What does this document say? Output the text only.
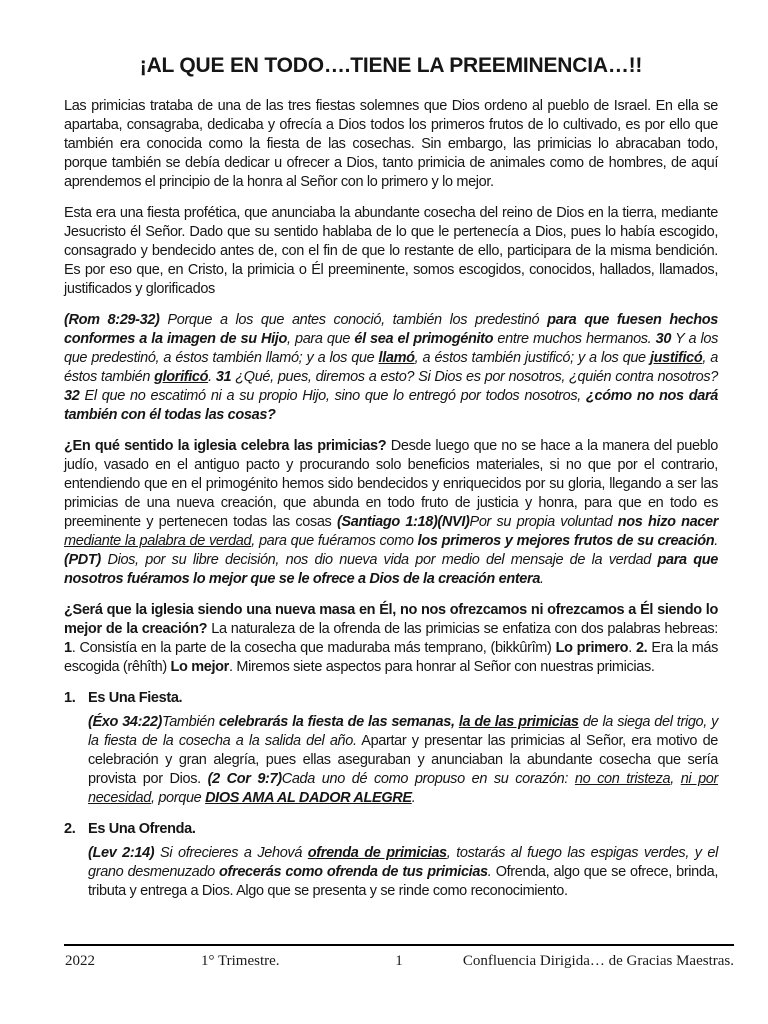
¡AL QUE EN TODO….TIENE LA PREEMINENCIA…!!

Las primicias trataba de una de las tres fiestas solemnes que Dios ordeno al pueblo de Israel. En ella se apartaba, consagraba, dedicaba y ofrecía a Dios todos los primeros frutos de lo cultivado, es por ello que también era conocida como la fiesta de las cosechas. Sin embargo, las primicias lo abracaban todo, porque también se debía dedicar u ofrecer a Dios, tanto primicia de animales como de hombres, de aquí aprendemos el principio de la honra al Señor con lo primero y lo mejor.

Esta era una fiesta profética, que anunciaba la abundante cosecha del reino de Dios en la tierra, mediante Jesucristo él Señor. Dado que su sentido hablaba de lo que le pertenecía a Dios, pues lo había escogido, consagrado y bendecido antes de, con el fin de que lo restante de ello, participara de la misma bendición. Es por eso que, en Cristo, la primicia o Él preeminente, somos escogidos, conocidos, hallados, llamados, justificados y glorificados

(Rom 8:29-32) Porque a los que antes conoció, también los predestinó para que fuesen hechos conformes a la imagen de su Hijo, para que él sea el primogénito entre muchos hermanos. 30 Y a los que predestinó, a éstos también llamó; y a los que llamó, a éstos también justificó; y a los que justificó, a éstos también glorificó. 31 ¿Qué, pues, diremos a esto? Si Dios es por nosotros, ¿quién contra nosotros? 32 El que no escatimó ni a su propio Hijo, sino que lo entregó por todos nosotros, ¿cómo no nos dará también con él todas las cosas?

¿En qué sentido la iglesia celebra las primicias? Desde luego que no se hace a la manera del pueblo judío, vasado en el antiguo pacto y procurando solo beneficios materiales, si no que por el contrario, entendiendo que en el primogénito hemos sido bendecidos y enriquecidos por su gloria, llegando a ser las primicias de una nueva creación, que abunda en todo fruto de justicia y honra, para que en todo es preeminente y pertenecen todas las cosas (Santiago 1:18)(NVI)Por su propia voluntad nos hizo nacer mediante la palabra de verdad, para que fuéramos como los primeros y mejores frutos de su creación. (PDT) Dios, por su libre decisión, nos dio nueva vida por medio del mensaje de la verdad para que nosotros fuéramos lo mejor que se le ofrece a Dios de la creación entera.

¿Será que la iglesia siendo una nueva masa en Él, no nos ofrezcamos ni ofrezcamos a Él siendo lo mejor de la creación? La naturaleza de la ofrenda de las primicias se enfatiza con dos palabras hebreas: 1. Consistía en la parte de la cosecha que maduraba más temprano, (bikkûrîm) Lo primero. 2. Era la más escogida (rêhîth) Lo mejor. Miremos siete aspectos para honrar al Señor con nuestras primicias.

1. Es Una Fiesta.

(Éxo 34:22)También celebrarás la fiesta de las semanas, la de las primicias de la siega del trigo, y la fiesta de la cosecha a la salida del año. Apartar y presentar las primicias al Señor, era motivo de celebración y gran alegría, pues ellas aseguraban y anunciaban la abundante cosecha que sería provista por Dios. (2 Cor 9:7)Cada uno dé como propuso en su corazón: no con tristeza, ni por necesidad, porque DIOS AMA AL DADOR ALEGRE.

2. Es Una Ofrenda.

(Lev 2:14) Si ofrecieres a Jehová ofrenda de primicias, tostarás al fuego las espigas verdes, y el grano desmenuzado ofrecerás como ofrenda de tus primicias. Ofrenda, algo que se ofrece, brinda, tributa y entrega a Dios. Algo que se presenta y se rinde como reconocimiento.

2022	1° Trimestre.	1	Confluencia Dirigida… de Gracias Maestras.
